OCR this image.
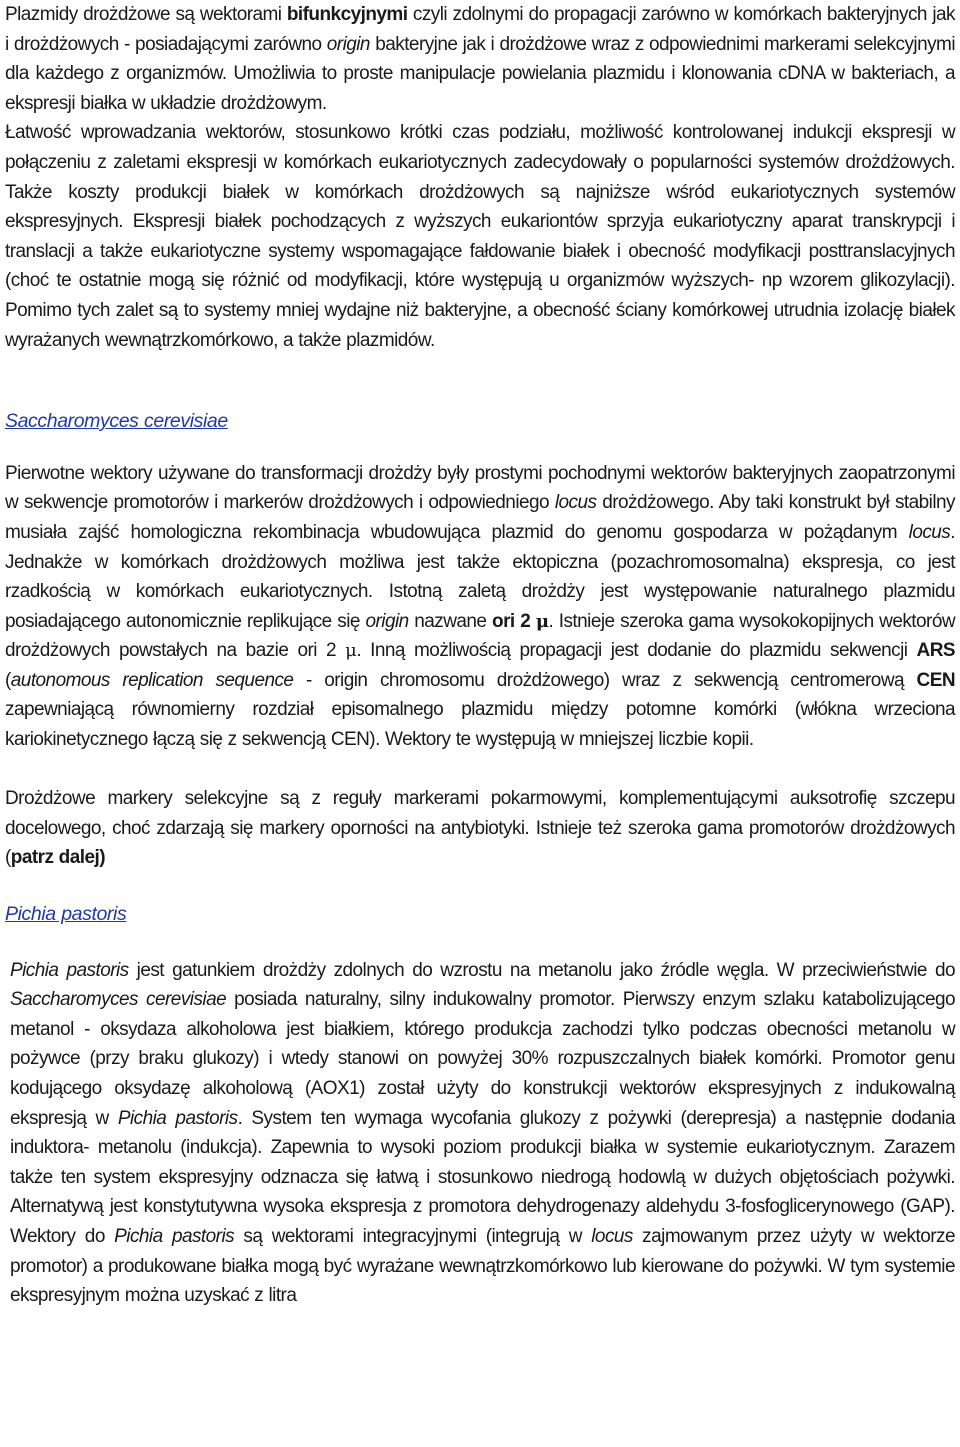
Plazmidy drożdżowe są wektorami bifunkcyjnymi czyli zdolnymi do propagacji zarówno w komórkach bakteryjnych jak i drożdżowych - posiadającymi zarówno origin bakteryjne jak i drożdżowe wraz z odpowiednimi markerami selekcyjnymi dla każdego z organizmów. Umożliwia to proste manipulacje powielania plazmidu i klonowania cDNA w bakteriach, a ekspresji białka w układzie drożdżowym.

Łatwość wprowadzania wektorów, stosunkowo krótki czas podziału, możliwość kontrolowanej indukcji ekspresji w połączeniu z zaletami ekspresji w komórkach eukariotycznych zadecydowały o popularności systemów drożdżowych. Także koszty produkcji białek w komórkach drożdżowych są najniższe wśród eukariotycznych systemów ekspresyjnych. Ekspresji białek pochodzących z wyższych eukariontów sprzyja eukariotyczny aparat transkrypcji i translacji a także eukariotyczne systemy wspomagające fałdowanie białek i obecność modyfikacji posttranslacyjnych (choć te ostatnie mogą się różnić od modyfikacji, które występują u organizmów wyższych- np wzorem glikozylacji). Pomimo tych zalet są to systemy mniej wydajne niż bakteryjne, a obecność ściany komórkowej utrudnia izolację białek wyrażanych wewnątrzkomórkowo, a także plazmidów.

Saccharomyces cerevisiae

Pierwotne wektory używane do transformacji drożdży były prostymi pochodnymi wektorów bakteryjnych zaopatrzonymi w sekwencje promotorów i markerów drożdżowych i odpowiedniego locus drożdżowego. Aby taki konstrukt był stabilny musiała zajść homologiczna rekombinacja wbudowująca plazmid do genomu gospodarza w pożądanym locus. Jednakże w komórkach drożdżowych możliwa jest także ektopiczna (pozachromosomalna) ekspresja, co jest rzadkością w komórkach eukariotycznych. Istotną zaletą drożdży jest występowanie naturalnego plazmidu posiadającego autonomicznie replikujące się origin nazwane ori 2 μ. Istnieje szeroka gama wysokokopijnych wektorów drożdżowych powstałych na bazie ori 2 μ. Inną możliwością propagacji jest dodanie do plazmidu sekwencji ARS (autonomous replication sequence - origin chromosomu drożdżowego) wraz z sekwencją centromerową CEN zapewniającą równomierny rozdział episomalnego plazmidu między potomne komórki (włókna wrzeciona kariokinetycznego łączą się z sekwencją CEN). Wektory te występują w mniejszej liczbie kopii.

Drożdżowe markery selekcyjne są z reguły markerami pokarmowymi, komplementującymi auksotrofię szczepu docelowego, choć zdarzają się markery oporności na antybiotyki. Istnieje też szeroka gama promotorów drożdżowych (patrz dalej)

Pichia pastoris

Pichia pastoris jest gatunkiem drożdży zdolnych do wzrostu na metanolu jako źródle węgla. W przeciwieństwie do Saccharomyces cerevisiae posiada naturalny, silny indukowalny promotor. Pierwszy enzym szlaku katabolizującego metanol - oksydaza alkoholowa jest białkiem, którego produkcja zachodzi tylko podczas obecności metanolu w pożywce (przy braku glukozy) i wtedy stanowi on powyżej 30% rozpuszczalnych białek komórki. Promotor genu kodującego oksydazę alkoholową (AOX1) został użyty do konstrukcji wektorów ekspresyjnych z indukowalną ekspresją w Pichia pastoris. System ten wymaga wycofania glukozy z pożywki (derepresja) a następnie dodania induktora- metanolu (indukcja). Zapewnia to wysoki poziom produkcji białka w systemie eukariotycznym. Zarazem także ten system ekspresyjny odznacza się łatwą i stosunkowo niedrogą hodowlą w dużych objętościach pożywki. Alternatywą jest konstytutywna wysoka ekspresja z promotora dehydrogenazy aldehydu 3-fosfoglicerynowego (GAP). Wektory do Pichia pastoris są wektorami integracyjnymi (integrują w locus zajmowanym przez użyty w wektorze promotor) a produkowane białka mogą być wyrażane wewnątrzkomórkowo lub kierowane do pożywki. W tym systemie ekspresyjnym można uzyskać z litra
